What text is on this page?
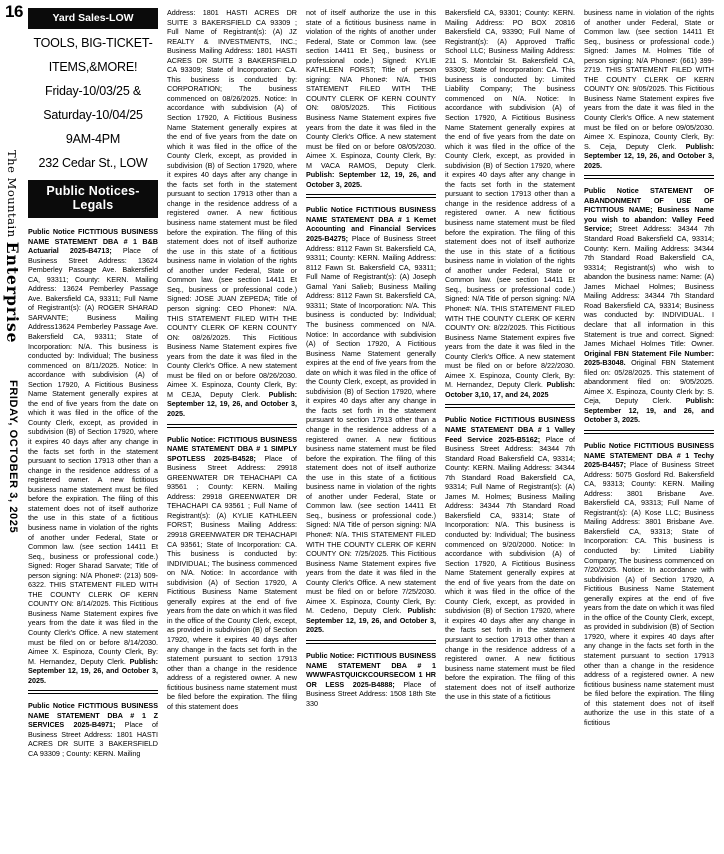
16
The Mountain Enterprise
FRIDAY, OCTOBER 3, 2025
Yard Sales-LOW
TOOLS, BIG-TICKET-
ITEMS,&MORE!
Friday-10/03/25 &
Saturday-10/04/25
9AM-4PM
232 Cedar St., LOW
Public Notices-Legals

Public Notice FICTITIOUS BUSINESS NAME STATEMENT DBA # 1 B&B Actuarial 2025-B4713; Place of Business Street Address: 13624 Pemberley Passage Ave. Bakersfield CA, 93311; County: KERN. Mailing Address: 13624 Pemberley Passage Ave. Bakersfield CA, 93311; Full Name of Registrant(s): (A) ROGER SHARAD SARVANTE; Business Mailing Address13624 Pemberley Passage Ave. Bakersfield CA, 93311; State of Incorporation: N/A. This business is conducted by: Individual; The business commenced on 8/11/2025. Notice: In accordance with subdivision (A) of Section 17920, A Fictitious Business Name Statement generally expires at the end of five years from the date on which it was filed in the office of the County Clerk, except, as provided in subdivision (B) of Section 17920, where it expires 40 days after any change in the facts set forth in the statement pursuant to section 17913 other than a change in the residence address of a registered owner. A new fictitious business name statement must be filed before the expiration. The filing of this statement does not of itself authorize the use in this state of a fictitious business name in violation of the rights of another under Federal, State or Common law. (see section 14411 Et Seq., business or professional code.) Signed: Roger Sharad Sarvate; Title of person signing: N/A Phone#: (213) 509-6322. THIS STATEMENT FILED WITH THE COUNTY CLERK OF KERN COUNTY ON: 8/14/2025. This Fictitious Business Name Statement expires five years from the date it was filed in the County Clerk's Office. A new statement must be filed on or before 8/14/2030. Aimee X. Espinoza, County Clerk, By: M. Hernandez, Deputy Clerk. Publish: September 12, 19, 26, and October 3, 2025.

Public Notice FICTITIOUS BUSINESS NAME STATEMENT DBA # 1 Z SERVICES 2025-B4971; Place of Business Street Address: 1801 HASTI ACRES DR SUITE 3 BAKERSFIELD CA 93309 ; County: KERN. Mailing

Address: 1801 HASTI ACRES DR SUITE 3 BAKERSFIELD CA 93309 ; Full Name of Registrant(s): (A) JZ REALTY & INVESTMENTS, INC.; Business Mailing Address: 1801 HASTI ACRES DR SUITE 3 BAKERSFIELD CA 93309; State of Incorporation: CA. This business is conducted by: CORPORATION; The business commenced on 08/26/2025. Notice: In accordance with subdivision (A) of Section 17920, A Fictitious Business Name Statement generally expires at the end of five years from the date on which it was filed in the office of the County Clerk, except, as provided in subdivision (B) of Section 17920, where it expires 40 days after any change in the facts set forth in the statement pursuant to section 17913 other than a change in the residence address of a registered owner. A new fictitious business name statement must be filed before the expiration. The filing of this statement does not of itself authorize the use in this state of a fictitious business name in violation of the rights of another under Federal, State or Common law. (see section 14411 Et Seq., business or professional code.) Signed: JOSE JUAN ZEPEDA; Title of person signing: CEO Phone#: N/A. THIS STATEMENT FILED WITH THE COUNTY CLERK OF KERN COUNTY ON: 08/26/2025. This Fictitious Business Name Statement expires five years from the date it was filed in the County Clerk's Office. A new statement must be filed on or before 08/26/2030. Aimee X. Espinoza, County Clerk, By: M CEJA, Deputy Clerk. Publish: September 12, 19, 26, and October 3, 2025.

Public Notice: FICTITIOUS BUSINESS NAME STATEMENT DBA # 1 SIMPLY SPOTLESS 2025-B4528; Place of Business Street Address: 29918 GREENWATER DR TEHACHAPI CA 93561 ; County: KERN. Mailing Address: 29918 GREENWATER DR TEHACHAPI CA 93561 ; Full Name of Registrant(s): (A) KYLIE KATHLEEN FORST; Business Mailing Address: 29918 GREENWATER DR TEHACHAPI CA 93561; State of Incorporation: CA. This business is conducted by: INDIVIDUAL; The business commenced on N/A. Notice: In accordance with subdivision (A) of Section 17920, A Fictitious Business Name Statement generally expires at the end of five years from the date on which it was filed in the office of the County Clerk, except, as provided in subdivision (B) of Section 17920, where it expires 40 days after any change in the facts set forth in the statement pursuant to section 17913 other than a change in the residence address of a registered owner. A new fictitious business name statement must be filed before the expiration. The filing of this statement does

not of itself authorize the use in this state of a fictitious business name in violation of the rights of another under Federal, State or Common law. (see section 14411 Et Seq., business or professional code.) Signed: KYLIE KATHLEEN FORST; Title of person signing: N/A Phone#: N/A. THIS STATEMENT FILED WITH THE COUNTY CLERK OF KERN COUNTY ON: 08/05/2025. This Fictitious Business Name Statement expires five years from the date it was filed in the County Clerk's Office. A new statement must be filed on or before 08/05/2030. Aimee X. Espinoza, County Clerk, By: M VACA RAMOS, Deputy Clerk. Publish: September 12, 19, 26, and October 3, 2025.

Public Notice FICTITIOUS BUSINESS NAME STATEMENT DBA # 1 Kemet Accounting and Financial Services 2025-B4275; Place of Business Street Address: 8112 Fawn St. Bakersfield CA, 93311; County: KERN. Mailing Address: 8112 Fawn St. Bakersfield CA, 93311; Full Name of Registrant(s): (A) Joseph Gamal Yani Salieb; Business Mailing Address: 8112 Fawn St. Bakersfield CA, 93311; State of Incorporation: N/A. This business is conducted by: Individual; The business commenced on N/A. Notice: In accordance with subdivision (A) of Section 17920, A Fictitious Business Name Statement generally expires at the end of five years from the date on which it was filed in the office of the County Clerk, except, as provided in subdivision (B) of Section 17920, where it expires 40 days after any change in the facts set forth in the statement pursuant to section 17913 other than a change in the residence address of a registered owner. A new fictitious business name statement must be filed before the expiration. The filing of this statement does not of itself authorize the use in this state of a fictitious business name in violation of the rights of another under Federal, State or Common law. (see section 14411 Et Seq., business or professional code.) Signed: N/A Title of person signing: N/A Phone#: N/A. THIS STATEMENT FILED WITH THE COUNTY CLERK OF KERN COUNTY ON: 7/25/2025. This Fictitious Business Name Statement expires five years from the date it was filed in the County Clerk's Office. A new statement must be filed on or before 7/25/2030. Aimee X. Espinoza, County Clerk, By: M. Cedeno, Deputy Clerk. Publish: September 12, 19, 26, and October 3, 2025.

Public Notice: FICTITIOUS BUSINESS NAME STATEMENT DBA # 1 WWWFASTQUICKCOURSECOM 1 HR OR LESS 2025-B4888; Place of Business Street Address: 1508 18th Ste 330

Bakersfield CA, 93301; County: KERN. Mailing Address: PO BOX 20816 Bakersfield CA, 93390; Full Name of Registrant(s): (A) Approved Traffic School LLC; Business Mailing Address: 211 S. Montclair St. Bakersfield CA, 93309; State of Incorporation: CA. This business is conducted by: Limited Liability Company; The business commenced on N/A. Notice: In accordance with subdivision (A) of Section 17920, A Fictitious Business Name Statement generally expires at the end of five years from the date on which it was filed in the office of the County Clerk, except, as provided in subdivision (B) of Section 17920, where it expires 40 days after any change in the facts set forth in the statement pursuant to section 17913 other than a change in the residence address of a registered owner. A new fictitious business name statement must be filed before the expiration. The filing of this statement does not of itself authorize the use in this state of a fictitious business name in violation of the rights of another under Federal, State or Common law. (see section 14411 Et Seq., business or professional code.) Signed: N/A Title of person signing: N/A Phone#: N/A. THIS STATEMENT FILED WITH THE COUNTY CLERK OF KERN COUNTY ON: 8/22/2025. This Fictitious Business Name Statement expires five years from the date it was filed in the County Clerk's Office. A new statement must be filed on or before 8/22/2030. Aimee X. Espinoza, County Clerk, By: M. Hernandez, Deputy Clerk. Publish: October 3,10, 17, and 24, 2025

Public Notice FICTITIOUS BUSINESS NAME STATEMENT DBA # 1 Valley Feed Service 2025-B5162; Place of Business Street Address: 34344 7th Standard Road Bakersfield CA, 93314; County: KERN. Mailing Address: 34344 7th Standard Road Bakersfield CA, 93314; Full Name of Registrant(s): (A) James M. Holmes; Business Mailing Address: 34344 7th Standard Road Bakersfield CA, 93314; State of Incorporation: N/A. This business is conducted by: Individual; The business commenced on 9/20/2000. Notice: In accordance with subdivision (A) of Section 17920, A Fictitious Business Name Statement generally expires at the end of five years from the date on which it was filed in the office of the County Clerk, except, as provided in subdivision (B) of Section 17920, where it expires 40 days after any change in the facts set forth in the statement pursuant to section 17913 other than a change in the residence address of a registered owner. A new fictitious business name statement must be filed before the expiration. The filing of this statement does not of itself authorize the use in this state of a fictitious

business name in violation of the rights of another under Federal, State or Common law. (see section 14411 Et Seq., business or professional code.) Signed: James M. Holmes Title of person signing: N/A Phone#: (661) 399-2719. THIS STATEMENT FILED WITH THE COUNTY CLERK OF KERN COUNTY ON: 9/05/2025. This Fictitious Business Name Statement expires five years from the date it was filed in the County Clerk's Office. A new statement must be filed on or before 09/05/2030. Aimee X. Espinoza, County Clerk, By: S. Ceja, Deputy Clerk. Publish: September 12, 19, 26, and October 3, 2025.

Public Notice STATEMENT OF ABANDONMENT OF USE OF FICTITIOUS NAME; Business Name you wish to abandon: Valley Feed Service; Street Address: 34344 7th Standard Road Bakersfield CA, 93314; County: Kern. Mailing Address: 34344 7th Standard Road Bakersfield CA, 93314; Registrant(s) who wish to abandon the business name: Name: (A) James Michael Holmes; Business Mailing Address: 34344 7th Standard Road Bakersfield CA, 93314; Business was conducted by: INDIVIDUAL. I declare that all information in this Statement is true and correct. Signed: James Michael Holmes Title: Owner. Original FBN Statement File Number: 2025-B3048. Original FBN Statement filed on: 05/28/2025. This statement of abandonment filed on: 9/05/2025. Aimee X. Espinoza, County Clerk by: S. Ceja, Deputy Clerk. Publish: September 12, 19, and 26, and October 3, 2025.

Public Notice FICTITIOUS BUSINESS NAME STATEMENT DBA # 1 Techy 2025-B4457; Place of Business Street Address: 5075 Gosford Rd. Bakersfield CA, 93313; County: KERN. Mailing Address: 3801 Brisbane Ave. Bakersfield CA, 93313; Full Name of Registrant(s): (A) Kose LLC; Business Mailing Address: 3801 Brisbane Ave. Bakersfield CA, 93313; State of Incorporation: CA. This business is conducted by: Limited Liability Company; The business commenced on 7/20/2025. Notice: In accordance with subdivision (A) of Section 17920, A Fictitious Business Name Statement generally expires at the end of five years from the date on which it was filed in the office of the County Clerk, except, as provided in subdivision (B) of Section 17920, where it expires 40 days after any change in the facts set forth in the statement pursuant to section 17913 other than a change in the residence address of a registered owner. A new fictitious business name statement must be filed before the expiration. The filing of this statement does not of itself authorize the use in this state of a fictitious
